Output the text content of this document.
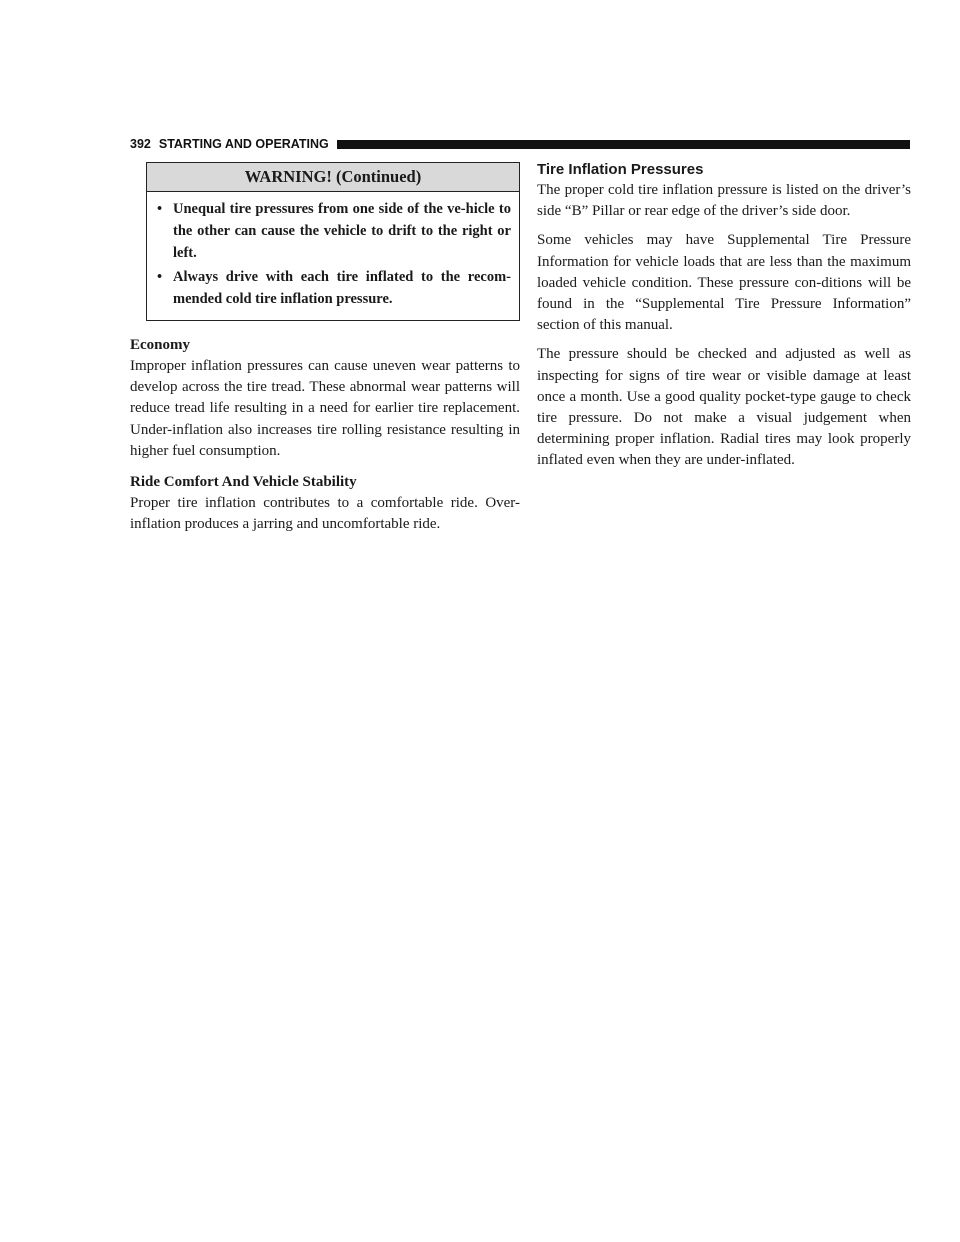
392 STARTING AND OPERATING
WARNING! (Continued)
• Unequal tire pressures from one side of the ve-hicle to the other can cause the vehicle to drift to the right or left.
• Always drive with each tire inflated to the recom-mended cold tire inflation pressure.
Economy

Improper inflation pressures can cause uneven wear patterns to develop across the tire tread. These abnormal wear patterns will reduce tread life resulting in a need for earlier tire replacement. Under-inflation also increases tire rolling resistance resulting in higher fuel consumption.

Ride Comfort And Vehicle Stability

Proper tire inflation contributes to a comfortable ride. Over-inflation produces a jarring and uncomfortable ride.

Tire Inflation Pressures

The proper cold tire inflation pressure is listed on the driver’s side “B” Pillar or rear edge of the driver’s side door.

Some vehicles may have Supplemental Tire Pressure Information for vehicle loads that are less than the maximum loaded vehicle condition. These pressure con-ditions will be found in the “Supplemental Tire Pressure Information” section of this manual.

The pressure should be checked and adjusted as well as inspecting for signs of tire wear or visible damage at least once a month. Use a good quality pocket-type gauge to check tire pressure. Do not make a visual judgement when determining proper inflation. Radial tires may look properly inflated even when they are under-inflated.
